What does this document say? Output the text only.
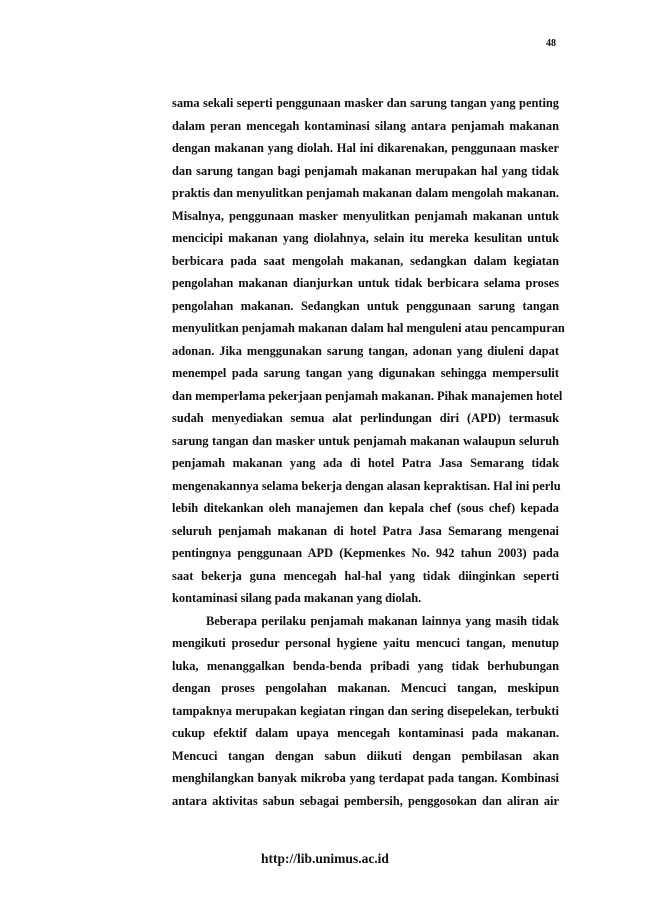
48
sama sekali seperti penggunaan masker dan sarung tangan yang penting
dalam peran mencegah kontaminasi silang antara penjamah makanan
dengan makanan yang diolah. Hal ini dikarenakan, penggunaan masker
dan sarung tangan bagi penjamah makanan merupakan hal yang tidak
praktis dan menyulitkan penjamah makanan dalam mengolah makanan.
Misalnya, penggunaan masker menyulitkan penjamah makanan untuk
mencicipi makanan yang diolahnya, selain itu mereka kesulitan untuk
berbicara pada saat mengolah makanan, sedangkan dalam kegiatan
pengolahan makanan dianjurkan untuk tidak berbicara selama proses
pengolahan makanan. Sedangkan untuk penggunaan sarung tangan
menyulitkan penjamah makanan dalam hal menguleni atau pencampuran
adonan. Jika menggunakan sarung tangan, adonan yang diuleni dapat
menempel pada sarung tangan yang digunakan sehingga mempersulit
dan memperlama pekerjaan penjamah makanan. Pihak manajemen hotel
sudah menyediakan semua alat perlindungan diri (APD) termasuk
sarung tangan dan masker untuk penjamah makanan walaupun seluruh
penjamah makanan yang ada di hotel Patra Jasa Semarang tidak
mengenakannya selama bekerja dengan alasan kepraktisan. Hal ini perlu
lebih ditekankan oleh manajemen dan kepala chef (sous chef) kepada
seluruh penjamah makanan di hotel Patra Jasa Semarang mengenai
pentingnya penggunaan APD (Kepmenkes No. 942 tahun 2003) pada
saat bekerja guna mencegah hal-hal yang tidak diinginkan seperti
kontaminasi silang pada makanan yang diolah.
Beberapa perilaku penjamah makanan lainnya yang masih tidak
mengikuti prosedur personal hygiene yaitu mencuci tangan, menutup
luka, menanggalkan benda-benda pribadi yang tidak berhubungan
dengan proses pengolahan makanan. Mencuci tangan, meskipun
tampaknya merupakan kegiatan ringan dan sering disepelekan, terbukti
cukup efektif dalam upaya mencegah kontaminasi pada makanan.
Mencuci tangan dengan sabun diikuti dengan pembilasan akan
menghilangkan banyak mikroba yang terdapat pada tangan. Kombinasi
antara aktivitas sabun sebagai pembersih, penggosokan dan aliran air
http://lib.unimus.ac.id
